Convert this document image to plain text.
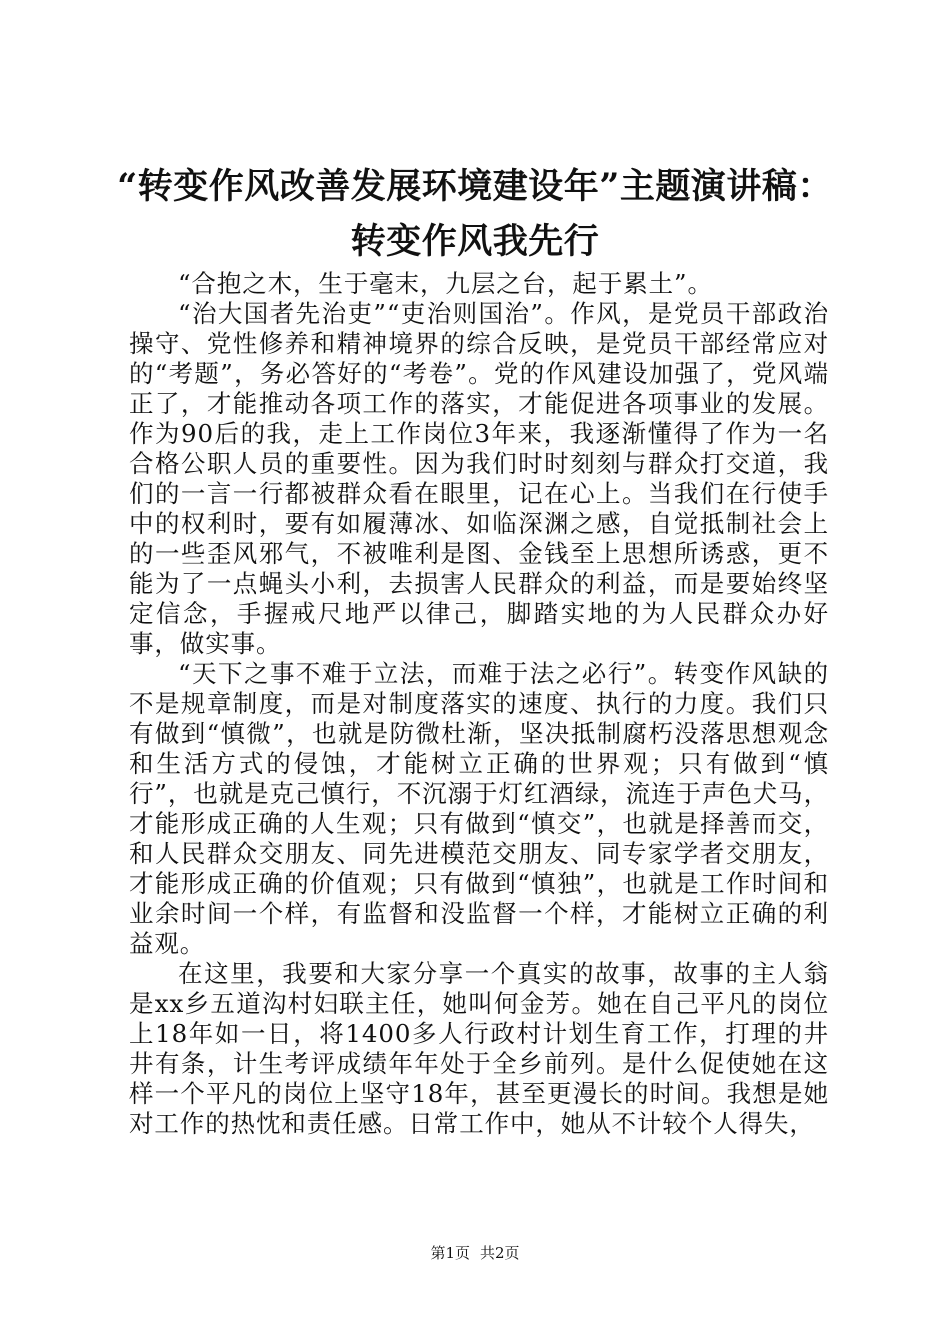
“转变作风改善发展环境建设年”主题演讲稿：
转变作风我先行

“合抱之木，生于毫末，九层之台，起于累土”。

“治大国者先治吏”“吏治则国治”。作风，是党员干部政治操守、党性修养和精神境界的综合反映，是党员干部经常应对的“考题”，务必答好的“考卷”。党的作风建设加强了，党风端正了，才能推动各项工作的落实，才能促进各项事业的发展。作为90后的我，走上工作岗位3年来，我逐渐懂得了作为一名合格公职人员的重要性。因为我们时时刻刻与群众打交道，我们的一言一行都被群众看在眼里，记在心上。当我们在行使手中的权利时，要有如履薄冰、如临深渊之感，自觉抵制社会上的一些歪风邪气，不被唯利是图、金钱至上思想所诱惑，更不能为了一点蝇头小利，去损害人民群众的利益，而是要始终坚定信念，手握戒尺地严以律己，脚踏实地的为人民群众办好事，做实事。

“天下之事不难于立法，而难于法之必行”。转变作风缺的不是规章制度，而是对制度落实的速度、执行的力度。我们只有做到“慎微”，也就是防微杜渐，坚决抵制腐朽没落思想观念和生活方式的侵蚀，才能树立正确的世界观；只有做到“慎行”，也就是克己慎行，不沉溺于灯红酒绿，流连于声色犬马，才能形成正确的人生观；只有做到“慎交”，也就是择善而交，和人民群众交朋友、同先进模范交朋友、同专家学者交朋友，才能形成正确的价值观；只有做到“慎独”，也就是工作时间和业余时间一个样，有监督和没监督一个样，才能树立正确的利益观。

在这里，我要和大家分享一个真实的故事，故事的主人翁是xx乡五道沟村妇联主任，她叫何金芳。她在自己平凡的岗位上18年如一日，将1400多人行政村计划生育工作，打理的井井有条，计生考评成绩年年处于全乡前列。是什么促使她在这样一个平凡的岗位上坚守18年，甚至更漫长的时间。我想是她对工作的热忱和责任感。日常工作中，她从不计较个人得失，

第1页 共2页
